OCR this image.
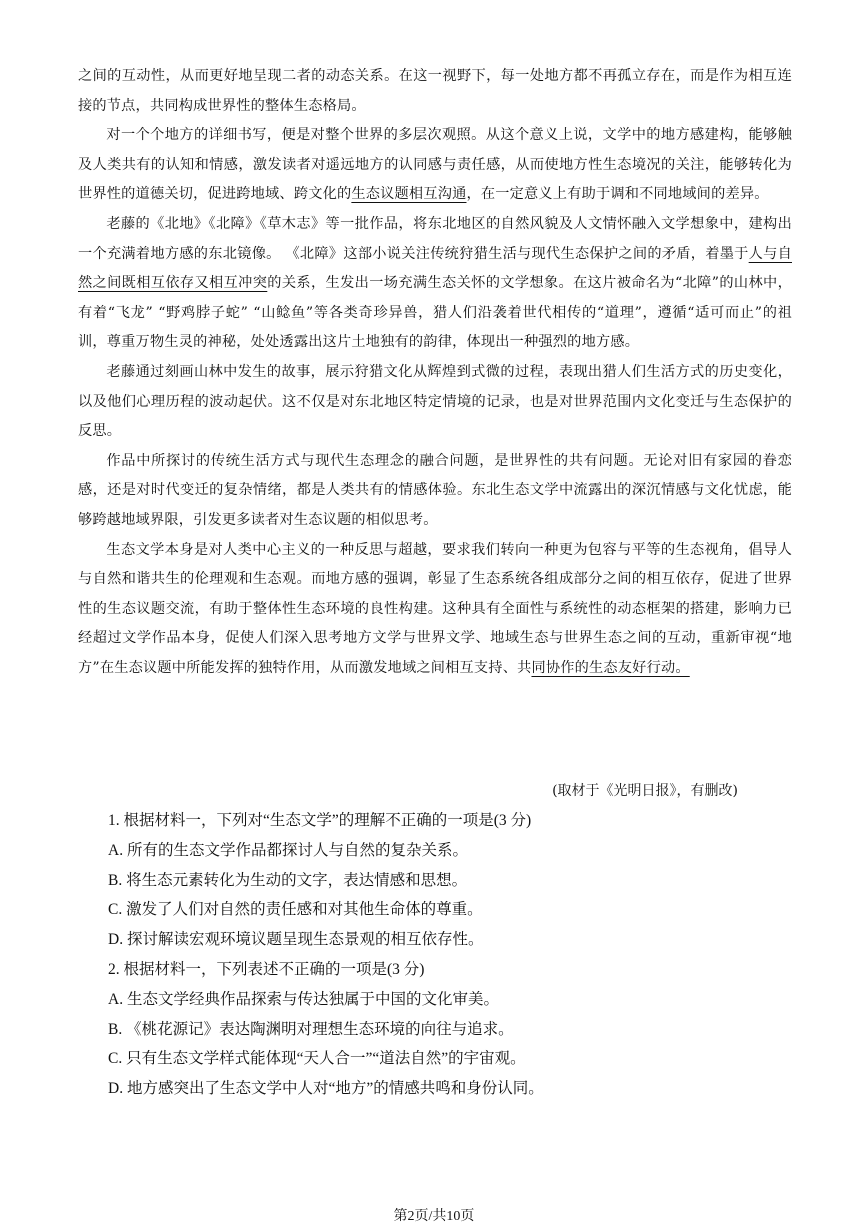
之间的互动性，从而更好地呈现二者的动态关系。在这一视野下，每一处地方都不再孤立存在，而是作为相互连接的节点，共同构成世界性的整体生态格局。

对一个个地方的详细书写，便是对整个世界的多层次观照。从这个意义上说，文学中的地方感建构，能够触及人类共有的认知和情感，激发读者对遥远地方的认同感与责任感，从而使地方性生态境况的关注，能够转化为世界性的道德关切，促进跨地域、跨文化的生态议题相互沟通，在一定意义上有助于调和不同地域间的差异。

老藤的《北地》《北障》《草木志》等一批作品，将东北地区的自然风貌及人文情怀融入文学想象中，建构出一个充满着地方感的东北镜像。 《北障》这部小说关注传统狩猎生活与现代生态保护之间的矛盾，着墨于人与自然之间既相互依存又相互冲突的关系，生发出一场充满生态关怀的文学想象。在这片被命名为“北障”的山林中，有着“飞龙” “野鸡脖子蛇” “山鲶鱼”等各类奇珍异兽，猎人们沿袭着世代相传的“道理”，遵循“适可而止”的祖训，尊重万物生灵的神秘，处处透露出这片土地独有的韵律，体现出一种强烈的地方感。

老藤通过刻画山林中发生的故事，展示狩猎文化从辉煌到式微的过程，表现出猎人们生活方式的历史变化，以及他们心理历程的波动起伏。这不仅是对东北地区特定情境的记录，也是对世界范围内文化变迁与生态保护的反思。

作品中所探讨的传统生活方式与现代生态理念的融合问题，是世界性的共有问题。无论对旧有家园的眷恋感，还是对时代变迁的复杂情绪，都是人类共有的情感体验。东北生态文学中流露出的深沉情感与文化忧虑，能够跨越地域界限，引发更多读者对生态议题的相似思考。

生态文学本身是对人类中心主义的一种反思与超越，要求我们转向一种更为包容与平等的生态视角，倡导人与自然和谐共生的伦理观和生态观。而地方感的强调，彰显了生态系统各组成部分之间的相互依存，促进了世界性的生态议题交流，有助于整体性生态环境的良性构建。这种具有全面性与系统性的动态框架的搭建，影响力已经超过文学作品本身，促使人们深入思考地方文学与世界文学、地域生态与世界生态之间的互动，重新审视“地方”在生态议题中所能发挥的独特作用，从而激发地域之间相互支持、共同协作的生态友好行动。

(取材于《光明日报》，有删改)

1. 根据材料一，下列对“生态文学”的理解不正确的一项是(3 分)

A. 所有的生态文学作品都探讨人与自然的复杂关系。

B. 将生态元素转化为生动的文字，表达情感和思想。

C. 激发了人们对自然的责任感和对其他生命体的尊重。

D. 探讨解读宏观环境议题呈现生态景观的相互依存性。

2. 根据材料一，下列表述不正确的一项是(3 分)

A. 生态文学经典作品探索与传达独属于中国的文化审美。

B. 《桃花源记》表达陶渊明对理想生态环境的向往与追求。

C. 只有生态文学样式能体现“天人合一”“道法自然”的宇宙观。

D. 地方感突出了生态文学中人对“地方”的情感共鸣和身份认同。

第2页/共10页
